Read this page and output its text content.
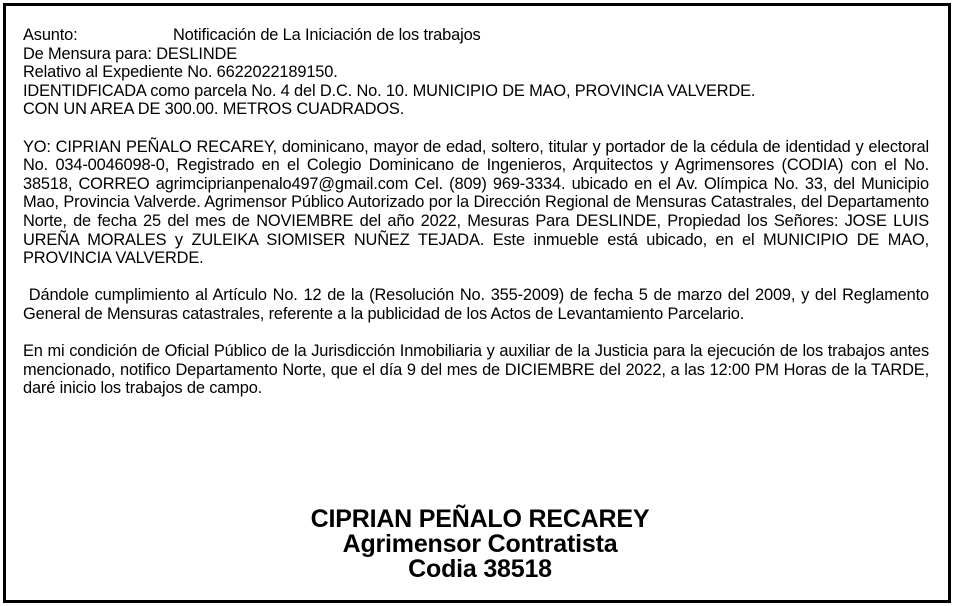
Asunto:	Notificación de La Iniciación de los trabajos
De Mensura para: DESLINDE
Relativo al Expediente No. 6622022189150.
IDENTIDFICADA como parcela No. 4 del D.C. No. 10. MUNICIPIO DE MAO, PROVINCIA VALVERDE.
CON UN AREA DE 300.00. METROS CUADRADOS.

YO: CIPRIAN PEÑALO RECAREY, dominicano, mayor de edad, soltero, titular y portador de la cédula de identidad y electoral No. 034-0046098-0, Registrado en el Colegio Dominicano de Ingenieros, Arquitectos y Agrimensores (CODIA) con el No. 38518, CORREO agrimciprianpenalo497@gmail.com Cel. (809) 969-3334. ubicado en el Av. Olímpica No. 33, del Municipio Mao, Provincia Valverde. Agrimensor Público Autorizado por la Dirección Regional de Mensuras Catastrales, del Departamento Norte, de fecha 25 del mes de NOVIEMBRE del año 2022, Mesuras Para DESLINDE, Propiedad los Señores: JOSE LUIS UREÑA MORALES y ZULEIKA SIOMISER NUÑEZ TEJADA. Este inmueble está ubicado, en el MUNICIPIO DE MAO, PROVINCIA VALVERDE.

Dándole cumplimiento al Artículo No. 12 de la (Resolución No. 355-2009) de fecha 5 de marzo del 2009, y del Reglamento General de Mensuras catastrales, referente a la publicidad de los Actos de Levantamiento Parcelario.

En mi condición de Oficial Público de la Jurisdicción Inmobiliaria y auxiliar de la Justicia para la ejecución de los trabajos antes mencionado, notifico Departamento Norte, que el día 9 del mes de DICIEMBRE del 2022, a las 12:00 PM Horas de la TARDE, daré inicio los trabajos de campo.

CIPRIAN PEÑALO RECAREY
Agrimensor Contratista
Codia 38518
